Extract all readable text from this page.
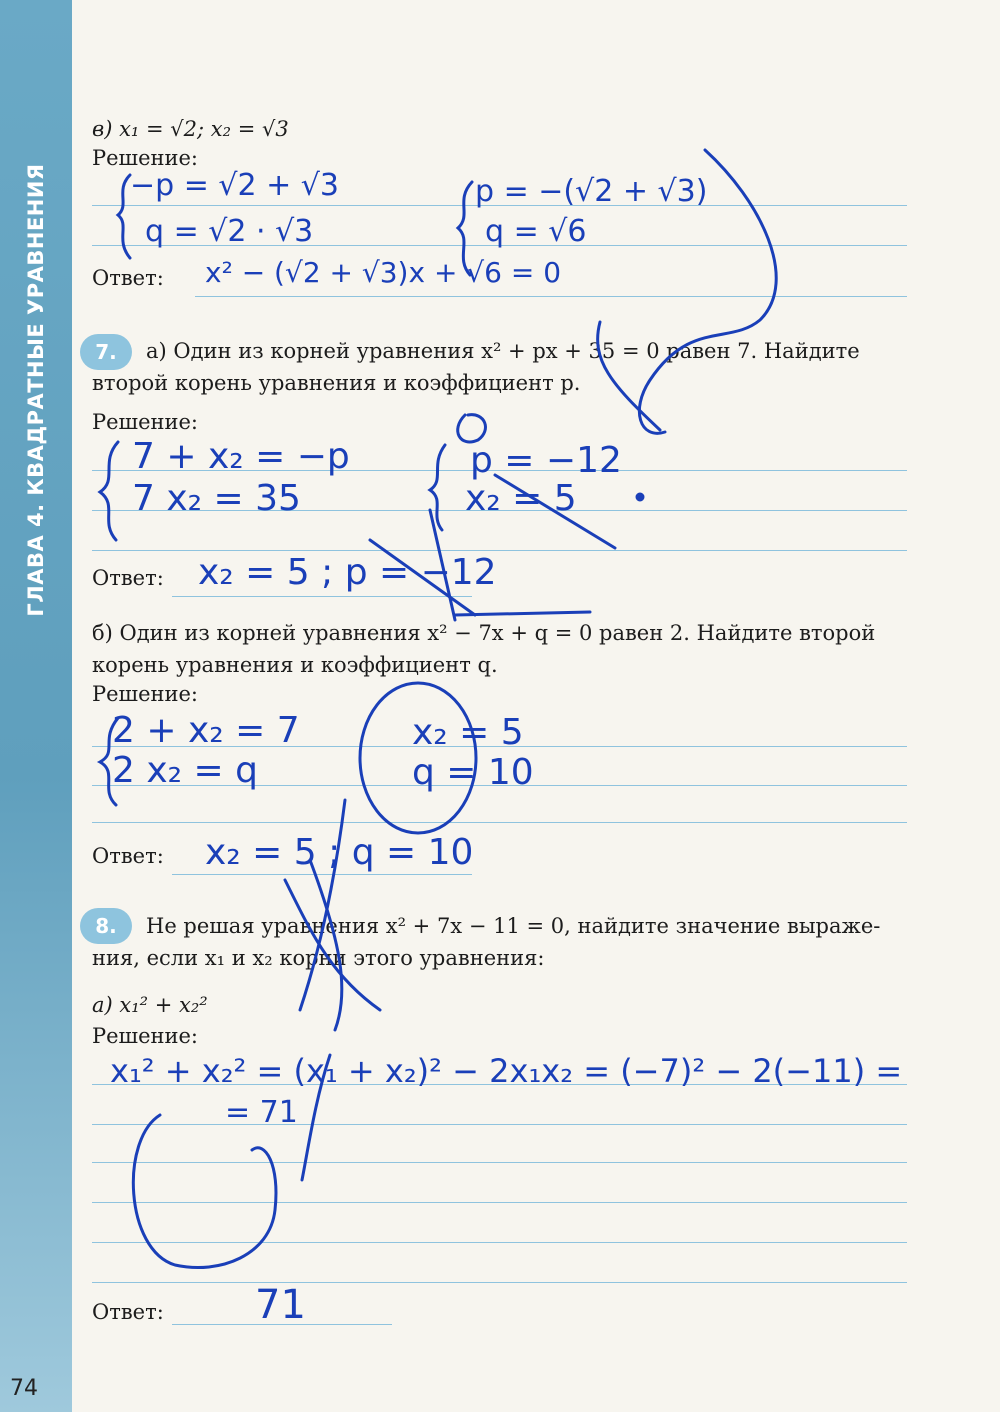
ГЛАВА 4. КВАДРАТНЫЕ УРАВНЕНИЯ
74
в) x₁ = √2; x₂ = √3
Решение:
Ответ:
−p = √2 + √3
q = √2 · √3
p = −(√2 + √3)
q = √6
x² − (√2 + √3)x + √6 = 0
7.	а) Один из корней уравнения x² + px + 35 = 0 равен 7. Найдите
второй корень уравнения и коэффициент p.
Решение:
Ответ:
7 + x₂ = −p
7 x₂ = 35
p = −12
x₂ = 5
x₂ = 5 ; p = −12
б) Один из корней уравнения x² − 7x + q = 0 равен 2. Найдите второй
корень уравнения и коэффициент q.
Решение:
Ответ:
2 + x₂ = 7
2 x₂ = q
x₂ = 5
q = 10
x₂ = 5 ; q = 10
8.	Не решая уравнения x² + 7x − 11 = 0, найдите значение выраже-
ния, если x₁ и x₂ корни этого уравнения:
а) x₁² + x₂²
Решение:
Ответ:
x₁² + x₂² = (x₁ + x₂)² − 2x₁x₂ = (−7)² − 2(−11) =
= 71
71
